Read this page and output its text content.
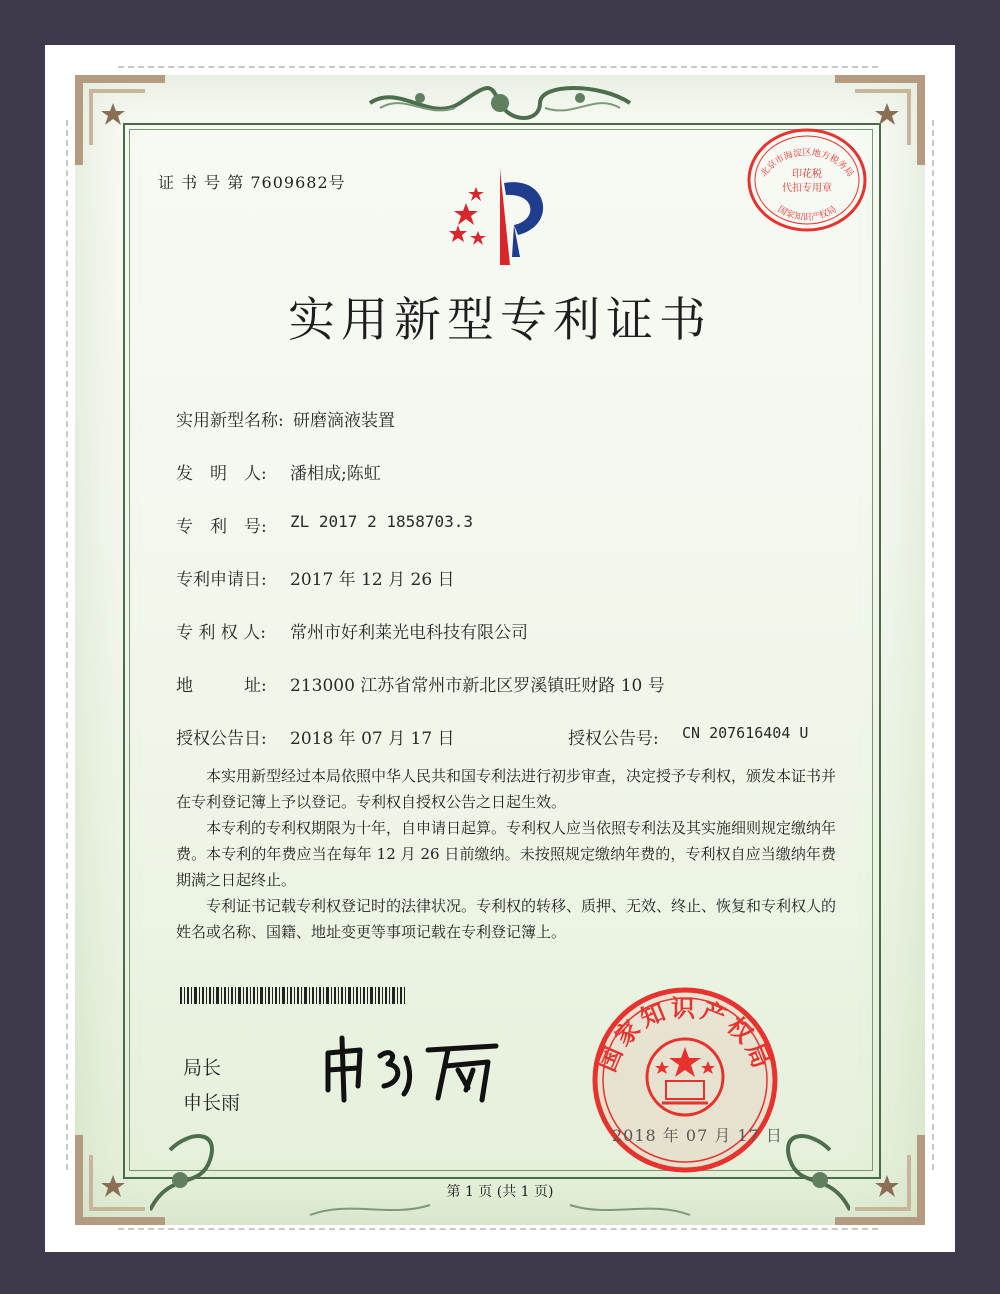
证 书 号 第 7609682号
实用新型专利证书
实用新型名称: 研磨滴液装置
发　明　人: 潘相成;陈虹
专　利　号: ZL 2017 2 1858703.3
专利申请日: 2017 年 12 月 26 日
专 利 权 人: 常州市好利莱光电科技有限公司
地　　　址: 213000 江苏省常州市新北区罗溪镇旺财路 10 号
授权公告日: 2018 年 07 月 17 日	授权公告号: CN 207616404 U
本实用新型经过本局依照中华人民共和国专利法进行初步审查，决定授予专利权，颁发本证书并在专利登记簿上予以登记。专利权自授权公告之日起生效。
本专利的专利权期限为十年，自申请日起算。专利权人应当依照专利法及其实施细则规定缴纳年费。本专利的年费应当在每年 12 月 26 日前缴纳。未按照规定缴纳年费的，专利权自应当缴纳年费期满之日起终止。
专利证书记载专利权登记时的法律状况。专利权的转移、质押、无效、终止、恢复和专利权人的姓名或名称、国籍、地址变更等事项记载在专利登记簿上。
局长
申长雨
北京市海淀区地方税务局
印花税
代扣专用章
国家知识产权局
国家知识产权局
2018 年 07 月 17 日
第 1 页 (共 1 页)
